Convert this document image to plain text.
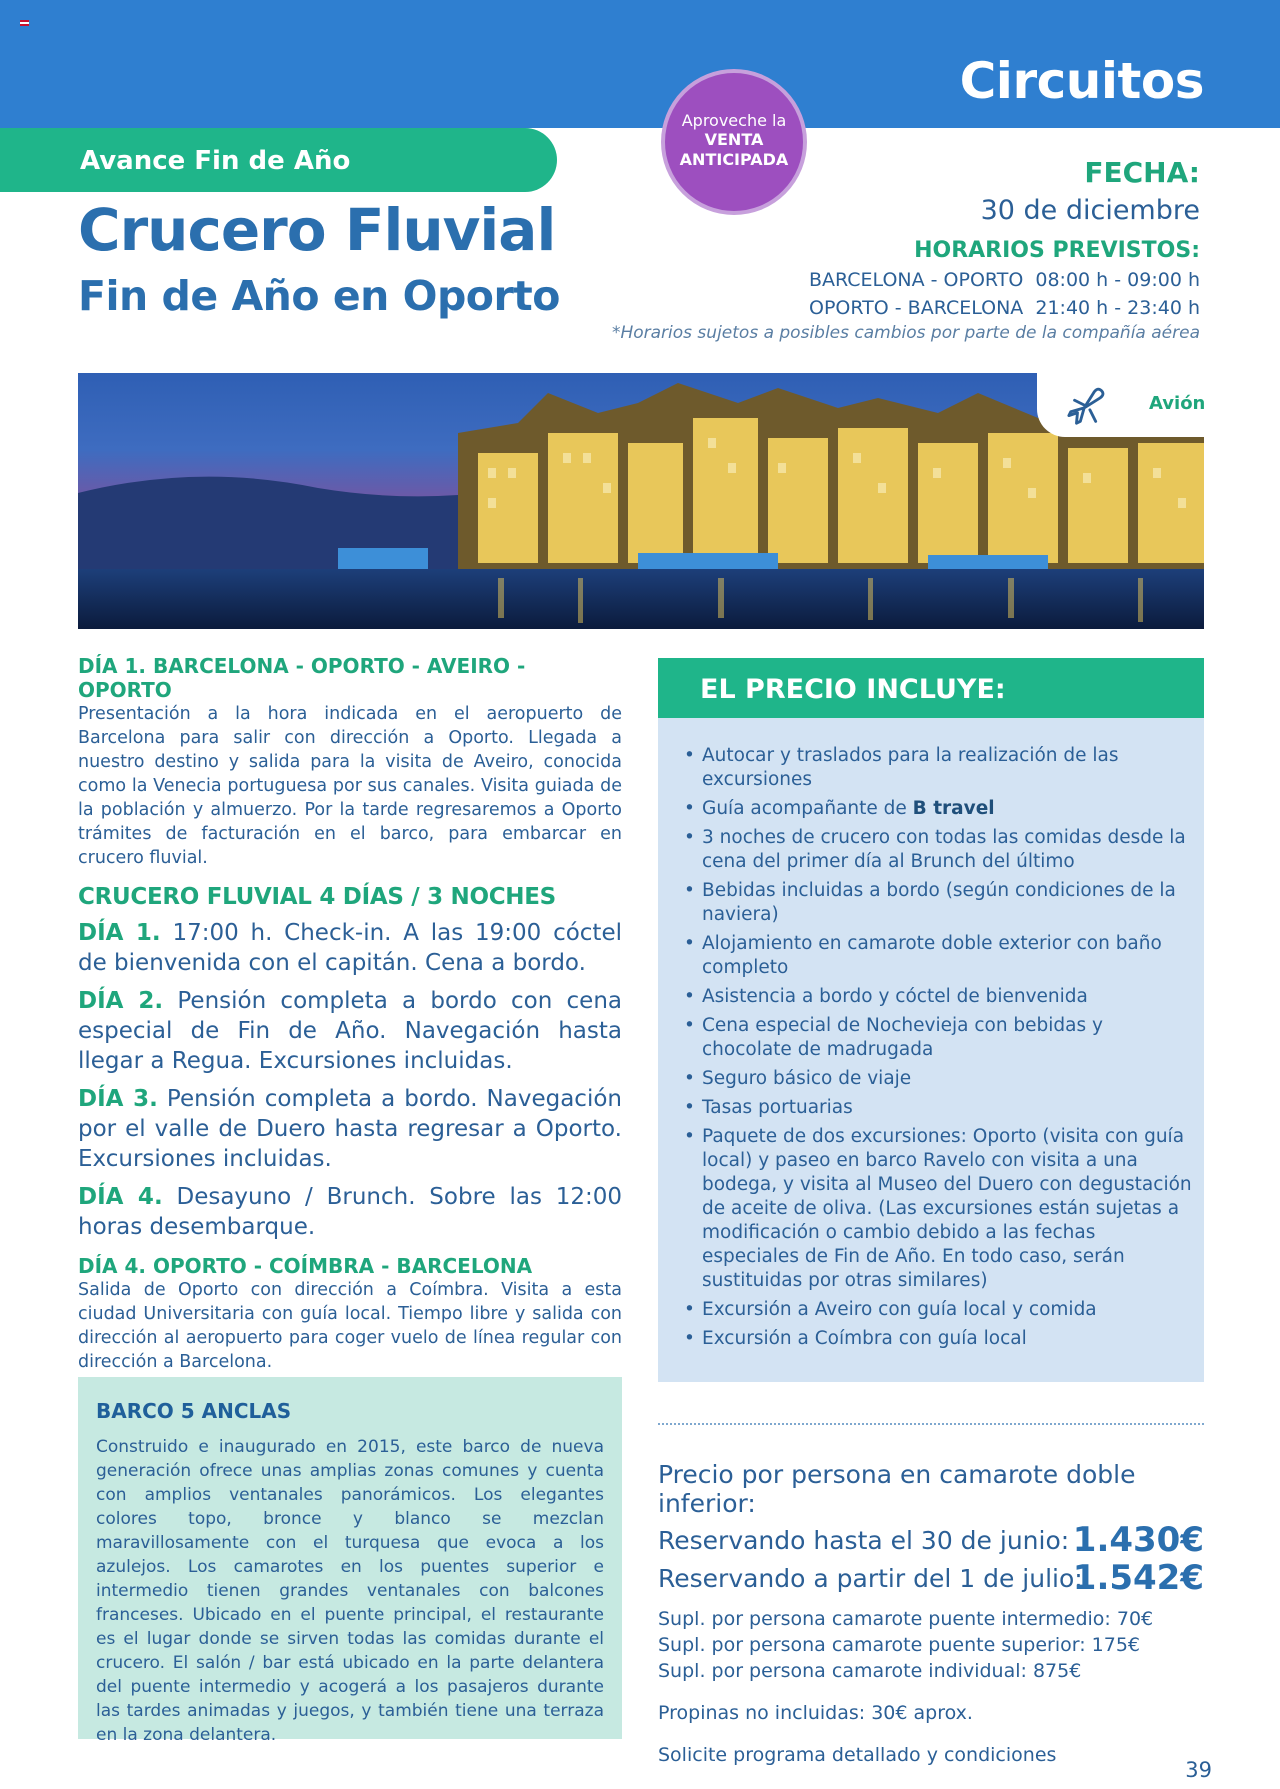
Circuitos
Avance Fin de Año
Aproveche la
VENTA
ANTICIPADA
Crucero Fluvial
Fin de Año en Oporto
FECHA:
30 de diciembre
HORARIOS PREVISTOS:
BARCELONA - OPORTO  08:00 h - 09:00 h
OPORTO - BARCELONA  21:40 h - 23:40 h
*Horarios sujetos a posibles cambios por parte de la compañía aérea
Avión
DÍA 1. BARCELONA - OPORTO - AVEIRO - OPORTO
Presentación a la hora indicada en el aeropuerto de Barcelona para salir con dirección a Oporto. Llegada a nuestro destino y salida para la visita de Aveiro, conocida como la Venecia portuguesa por sus canales. Visita guiada de la población y almuerzo. Por la tarde regresaremos a Oporto trámites de facturación en el barco, para embarcar en crucero fluvial.
CRUCERO FLUVIAL 4 DÍAS / 3 NOCHES
DÍA 1. 17:00 h. Check-in. A las 19:00 cóctel de bienvenida con el capitán. Cena a bordo.
DÍA 2. Pensión completa a bordo con cena especial de Fin de Año. Navegación hasta llegar a Regua. Excursiones incluidas.
DÍA 3. Pensión completa a bordo. Navegación por el valle de Duero hasta regresar a Oporto. Excursiones incluidas.
DÍA 4. Desayuno / Brunch. Sobre las 12:00 horas desembarque.
DÍA 4. OPORTO - COÍMBRA - BARCELONA
Salida de Oporto con dirección a Coímbra. Visita a esta ciudad Universitaria con guía local. Tiempo libre y salida con dirección al aeropuerto para coger vuelo de línea regular con dirección a Barcelona.
BARCO 5 ANCLAS
Construido e inaugurado en 2015, este barco de nueva generación ofrece unas amplias zonas comunes y cuenta con amplios ventanales panorámicos. Los elegantes colores topo, bronce y blanco se mezclan maravillosamente con el turquesa que evoca a los azulejos. Los camarotes en los puentes superior e intermedio tienen grandes ventanales con balcones franceses. Ubicado en el puente principal, el restaurante es el lugar donde se sirven todas las comidas durante el crucero. El salón / bar está ubicado en la parte delantera del puente intermedio y acogerá a los pasajeros durante las tardes animadas y juegos, y también tiene una terraza en la zona delantera.
EL PRECIO INCLUYE:
• Autocar y traslados para la realización de las excursiones
• Guía acompañante de B travel
• 3 noches de crucero con todas las comidas desde la cena del primer día al Brunch del último
• Bebidas incluidas a bordo (según condiciones de la naviera)
• Alojamiento en camarote doble exterior con baño completo
• Asistencia a bordo y cóctel de bienvenida
• Cena especial de Nochevieja con bebidas y chocolate de madrugada
• Seguro básico de viaje
• Tasas portuarias
• Paquete de dos excursiones: Oporto (visita con guía local) y paseo en barco Ravelo con visita a una bodega, y visita al Museo del Duero con degustación de aceite de oliva. (Las excursiones están sujetas a modificación o cambio debido a las fechas especiales de Fin de Año. En todo caso, serán sustituidas por otras similares)
• Excursión a Aveiro con guía local y comida
• Excursión a Coímbra con guía local
Precio por persona en camarote doble inferior:
Reservando hasta el 30 de junio: 1.430€
Reservando a partir del 1 de julio:
1.542€
Supl. por persona camarote puente intermedio: 70€
Supl. por persona camarote puente superior: 175€
Supl. por persona camarote individual: 875€
Propinas no incluidas: 30€ aprox.
Solicite programa detallado y condiciones
39
